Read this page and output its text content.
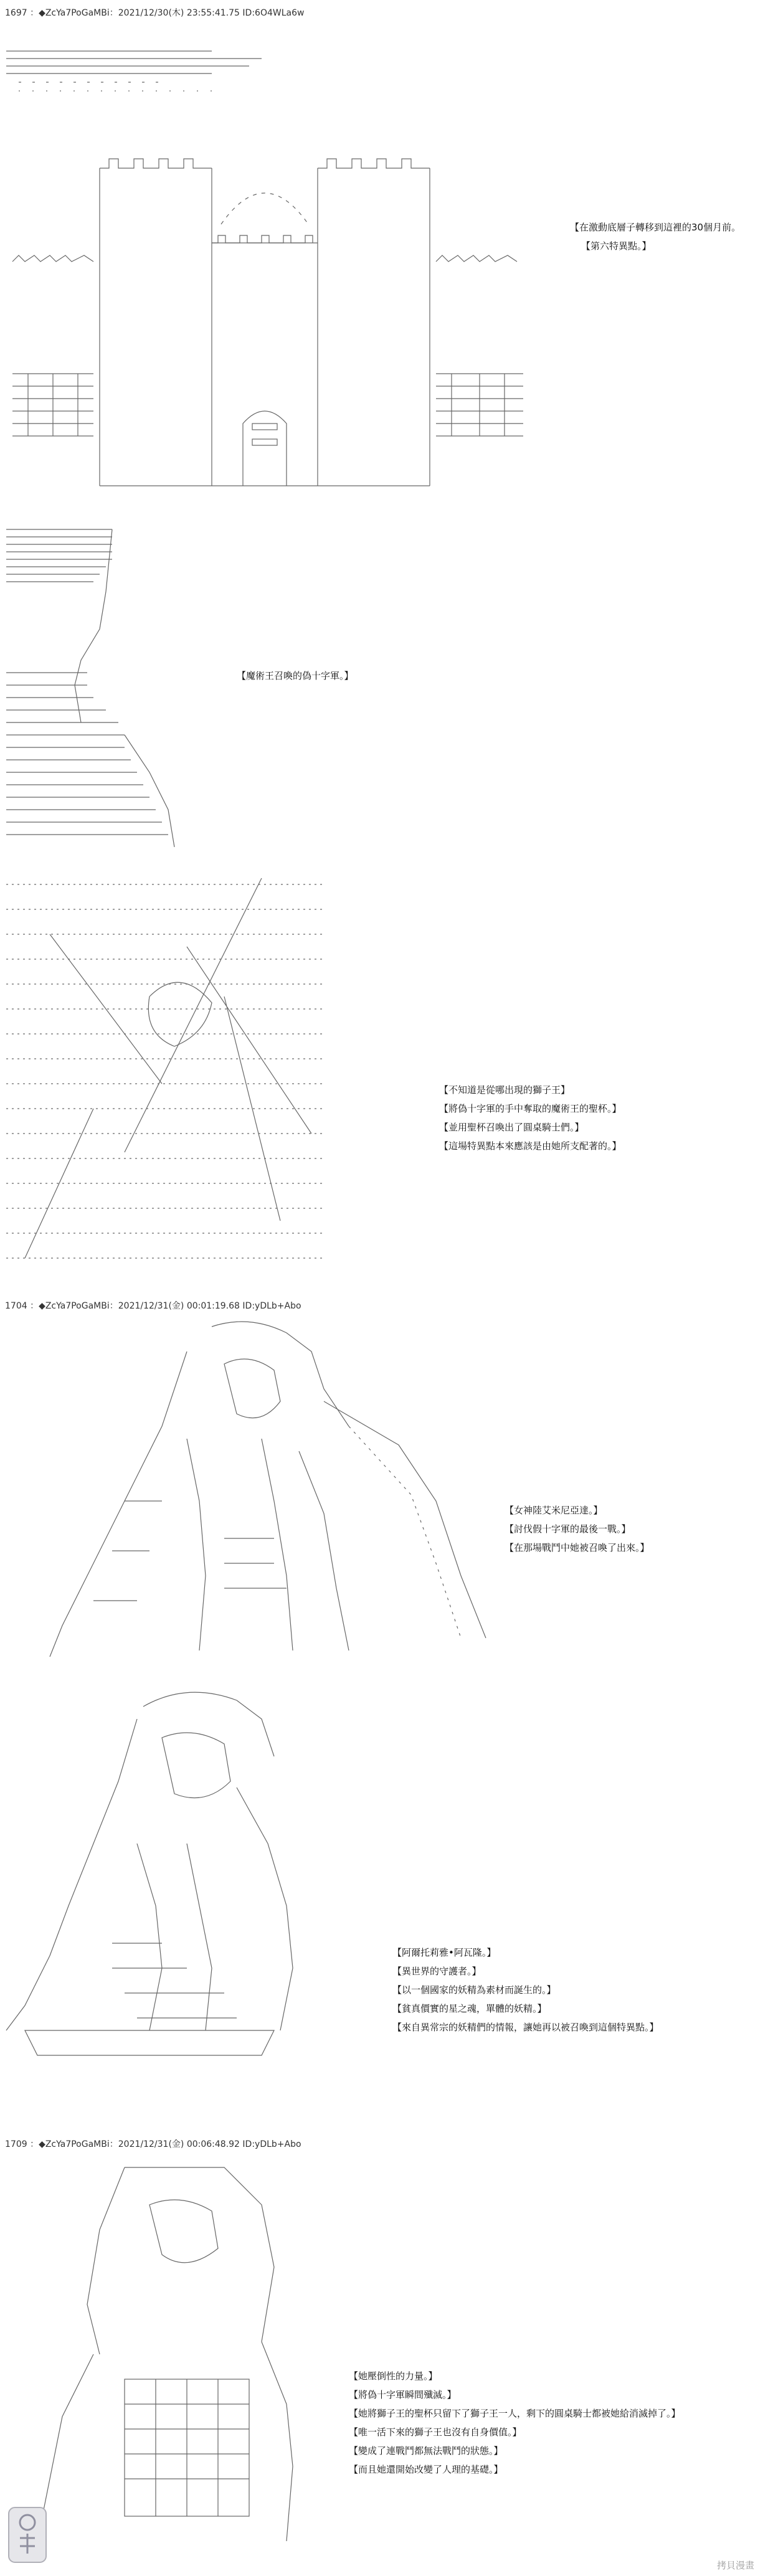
1697 ：◆ZcYa7PoGaMBi：2021/12/30(木) 23:55:41.75 ID:6O4WLa6w
【在激動底層子轉移到這裡的30個月前。
【第六特異點。】
【魔術王召喚的偽十字軍。】
【不知道是從哪出現的獅子王】
【將偽十字軍的手中奪取的魔術王的聖杯。】
【並用聖杯召喚出了圓桌騎士們。】
【這場特異點本來應該是由她所支配著的。】
1704 ：◆ZcYa7PoGaMBi：2021/12/31(金) 00:01:19.68 ID:yDLb+Abo
【女神陸艾米尼亞達。】
【討伐假十字軍的最後一戰。】
【在那場戰鬥中她被召喚了出來。】
【阿爾托莉雅•阿瓦隆。】
【異世界的守護者。】
【以一個國家的妖精為素材而誕生的。】
【貧真價實的星之魂，單體的妖精。】
【來自異常宗的妖精們的情報，讓她再以被召喚到這個特異點。】
1709 ：◆ZcYa7PoGaMBi：2021/12/31(金) 00:06:48.92 ID:yDLb+Abo
【她壓倒性的力量。】
【將偽十字軍瞬間殲滅。】
【她將獅子王的聖杯只留下了獅子王一人，剩下的圓桌騎士都被她給消滅掉了。】
【唯一活下來的獅子王也沒有自身價值。】
【變成了連戰鬥都無法戰鬥的狀態。】
【而且她還開始改變了人理的基礎。】
拷貝漫畫
